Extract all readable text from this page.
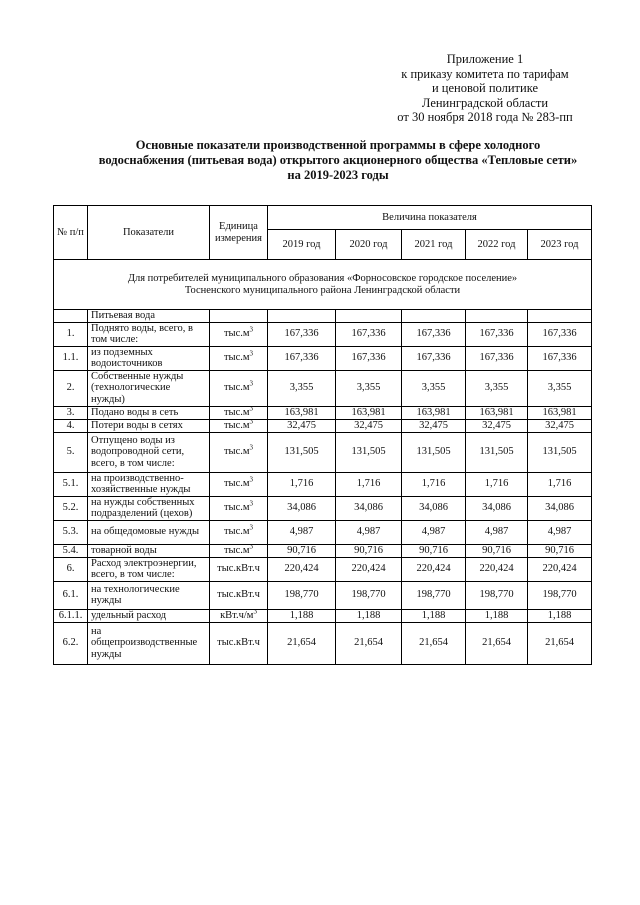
Приложение 1
к приказу комитета по тарифам
и ценовой политике
Ленинградской области
от 30 ноября 2018 года № 283-пп
Основные показатели производственной программы в сфере холодного
водоснабжения (питьевая вода) открытого акционерного общества «Тепловые сети»
на 2019-2023 годы
№ п/п	Показатели	Единица измерения	Величина показателя				
			2019 год	2020 год	2021 год	2022 год	2023 год

Для потребителей муниципального образования «Форносовское городское поселение»
Тосненского муниципального района Ленинградской области							

	Питьевая вода						
1.	Поднято воды, всего, в том числе:	$тыс.м^3$	167,336	167,336	167,336	167,336	167,336
1.1.	из подземных водоисточников	$тыс.м^3$	167,336	167,336	167,336	167,336	167,336
2.	Собственные нужды (технологические нужды)	$тыс.м^3$	3,355	3,355	3,355	3,355	3,355
3.	Подано воды в сеть	$тыс.м^3$	163,981	163,981	163,981	163,981	163,981
4.	Потери воды в сетях	$тыс.м^3$	32,475	32,475	32,475	32,475	32,475
5.	Отпущено воды из водопроводной сети, всего, в том числе:	$тыс.м^3$	131,505	131,505	131,505	131,505	131,505
5.1.	на производственно-хозяйственные нужды	$тыс.м^3$	1,716	1,716	1,716	1,716	1,716
5.2.	на нужды собственных подразделений (цехов)	$тыс.м^3$	34,086	34,086	34,086	34,086	34,086
5.3.	на общедомовые нужды	$тыс.м^3$	4,987	4,987	4,987	4,987	4,987
5.4.	товарной воды	$тыс.м^3$	90,716	90,716	90,716	90,716	90,716
6.	Расход электроэнергии, всего, в том числе:	тыс.кВт.ч	220,424	220,424	220,424	220,424	220,424
6.1.	на технологические нужды	тыс.кВт.ч	198,770	198,770	198,770	198,770	198,770
6.1.1.	удельный расход	$кВт.ч/м^3$	1,188	1,188	1,188	1,188	1,188
6.2.	на общепроизводственные нужды	тыс.кВт.ч	21,654	21,654	21,654	21,654	21,654
